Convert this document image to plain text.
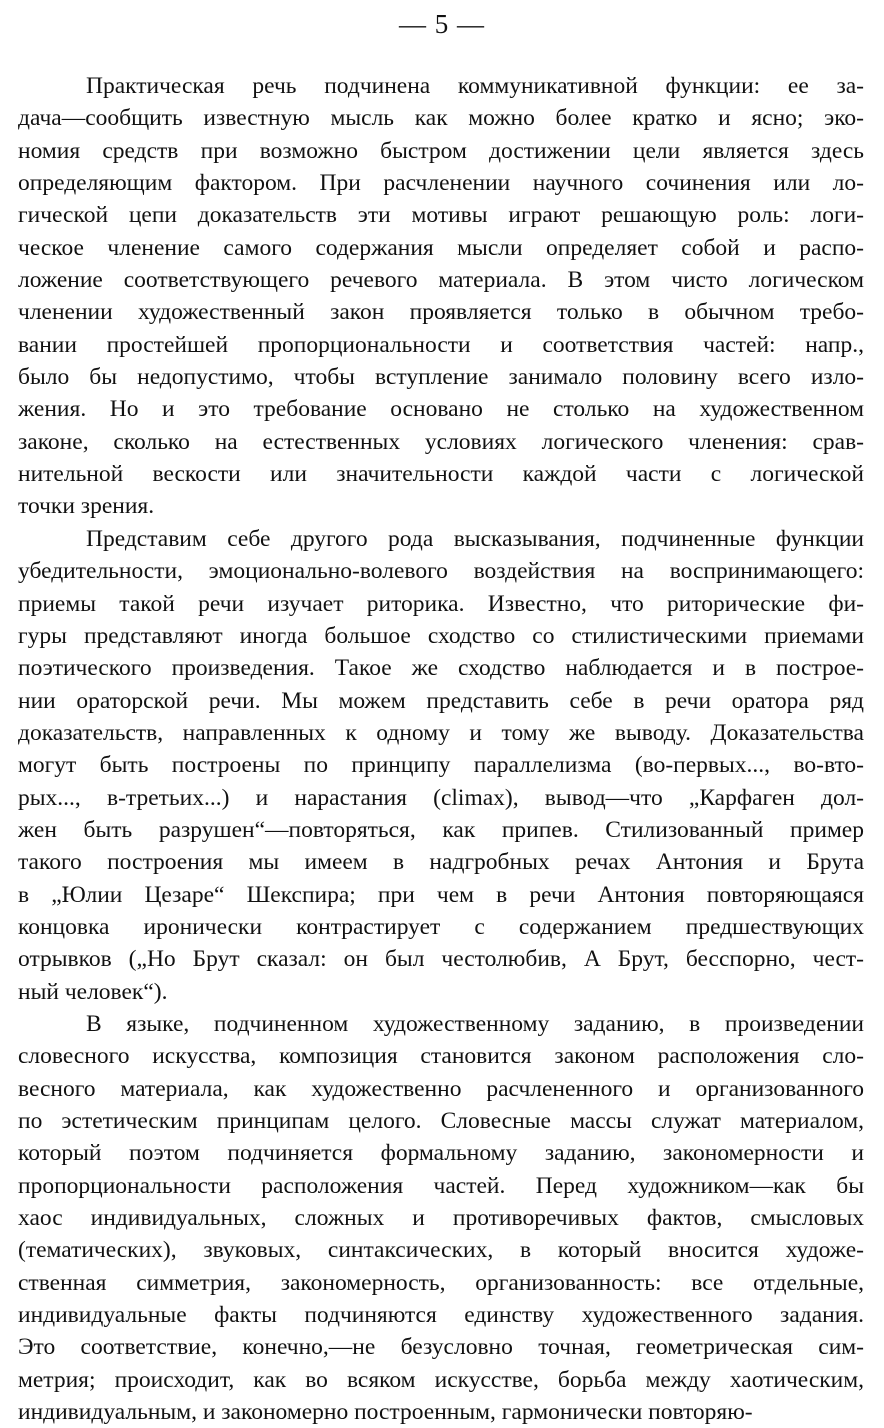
— 5 —
Практическая речь подчинена коммуникативной функции: ее за-
дача—сообщить известную мысль как можно более кратко и ясно; эко-
номия средств при возможно быстром достижении цели является здесь
определяющим фактором. При расчленении научного сочинения или ло-
гической цепи доказательств эти мотивы играют решающую роль: логи-
ческое членение самого содержания мысли определяет собой и распо-
ложение соответствующего речевого материала. В этом чисто логическом
членении художественный закон проявляется только в обычном требо-
вании простейшей пропорциональности и соответствия частей: напр.,
было бы недопустимо, чтобы вступление занимало половину всего изло-
жения. Но и это требование основано не столько на художественном
законе, сколько на естественных условиях логического членения: срав-
нительной вескости или значительности каждой части с логической
точки зрения.
Представим себе другого рода высказывания, подчиненные функции
убедительности, эмоционально-волевого воздействия на воспринимающего:
приемы такой речи изучает риторика. Известно, что риторические фи-
гуры представляют иногда большое сходство со стилистическими приемами
поэтического произведения. Такое же сходство наблюдается и в построе-
нии ораторской речи. Мы можем представить себе в речи оратора ряд
доказательств, направленных к одному и тому же выводу. Доказательства
могут быть построены по принципу параллелизма (во-первых..., во-вто-
рых..., в-третьих...) и нарастания (climax), вывод—что „Карфаген дол-
жен быть разрушен“—повторяться, как припев. Стилизованный пример
такого построения мы имеем в надгробных речах Антония и Брута
в „Юлии Цезаре“ Шекспира; при чем в речи Антония повторяющаяся
концовка иронически контрастирует с содержанием предшествующих
отрывков („Но Брут сказал: он был честолюбив, А Брут, бесспорно, чест-
ный человек“).
В языке, подчиненном художественному заданию, в произведении
словесного искусства, композиция становится законом расположения сло-
весного материала, как художественно расчлененного и организованного
по эстетическим принципам целого. Словесные массы служат материалом,
который поэтом подчиняется формальному заданию, закономерности и
пропорциональности расположения частей. Перед художником—как бы
хаос индивидуальных, сложных и противоречивых фактов, смысловых
(тематических), звуковых, синтаксических, в который вносится художе-
ственная симметрия, закономерность, организованность: все отдельные,
индивидуальные факты подчиняются единству художественного задания.
Это соответствие, конечно,—не безусловно точная, геометрическая сим-
метрия; происходит, как во всяком искусстве, борьба между хаотическим,
индивидуальным, и закономерно построенным, гармонически повторяю-
